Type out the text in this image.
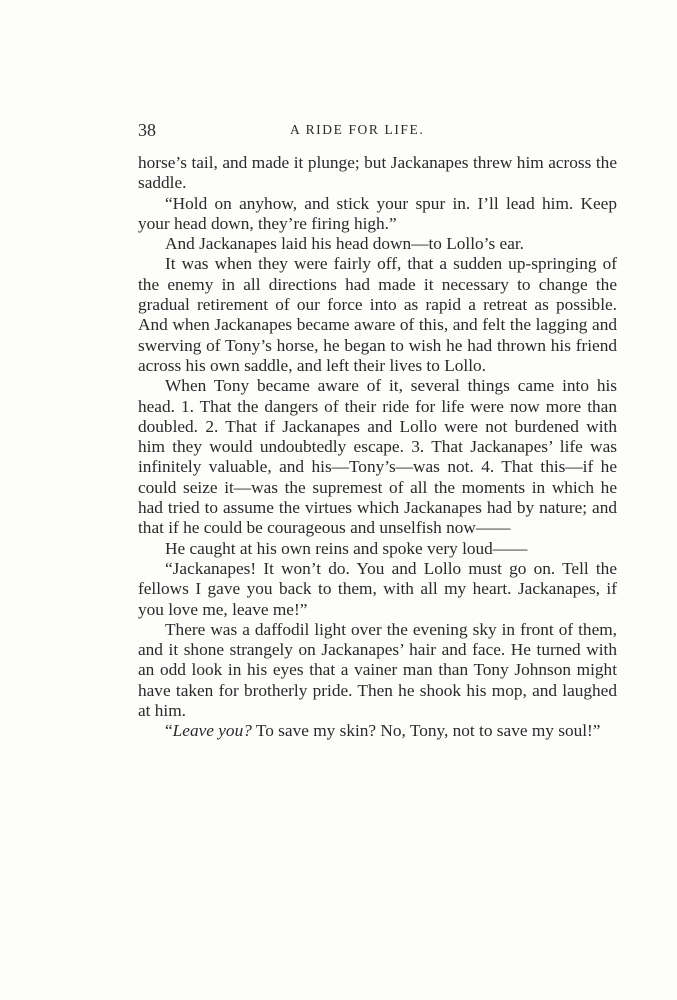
38	A RIDE FOR LIFE.

horse’s tail, and made it plunge; but Jackanapes threw him across the saddle.

“Hold on anyhow, and stick your spur in. I’ll lead him. Keep your head down, they’re firing high.”

And Jackanapes laid his head down—to Lollo’s ear.

It was when they were fairly off, that a sudden up-springing of the enemy in all directions had made it necessary to change the gradual retirement of our force into as rapid a retreat as possible. And when Jackanapes became aware of this, and felt the lagging and swerving of Tony’s horse, he began to wish he had thrown his friend across his own saddle, and left their lives to Lollo.

When Tony became aware of it, several things came into his head. 1. That the dangers of their ride for life were now more than doubled. 2. That if Jackanapes and Lollo were not burdened with him they would undoubtedly escape. 3. That Jackanapes’ life was infinitely valuable, and his—Tony’s—was not. 4. That this—if he could seize it—was the supremest of all the moments in which he had tried to assume the virtues which Jackanapes had by nature; and that if he could be courageous and unselfish now——

He caught at his own reins and spoke very loud——

“Jackanapes! It won’t do. You and Lollo must go on. Tell the fellows I gave you back to them, with all my heart. Jackanapes, if you love me, leave me!”

There was a daffodil light over the evening sky in front of them, and it shone strangely on Jackanapes’ hair and face. He turned with an odd look in his eyes that a vainer man than Tony Johnson might have taken for brotherly pride. Then he shook his mop, and laughed at him.

“Leave you? To save my skin? No, Tony, not to save my soul!”
